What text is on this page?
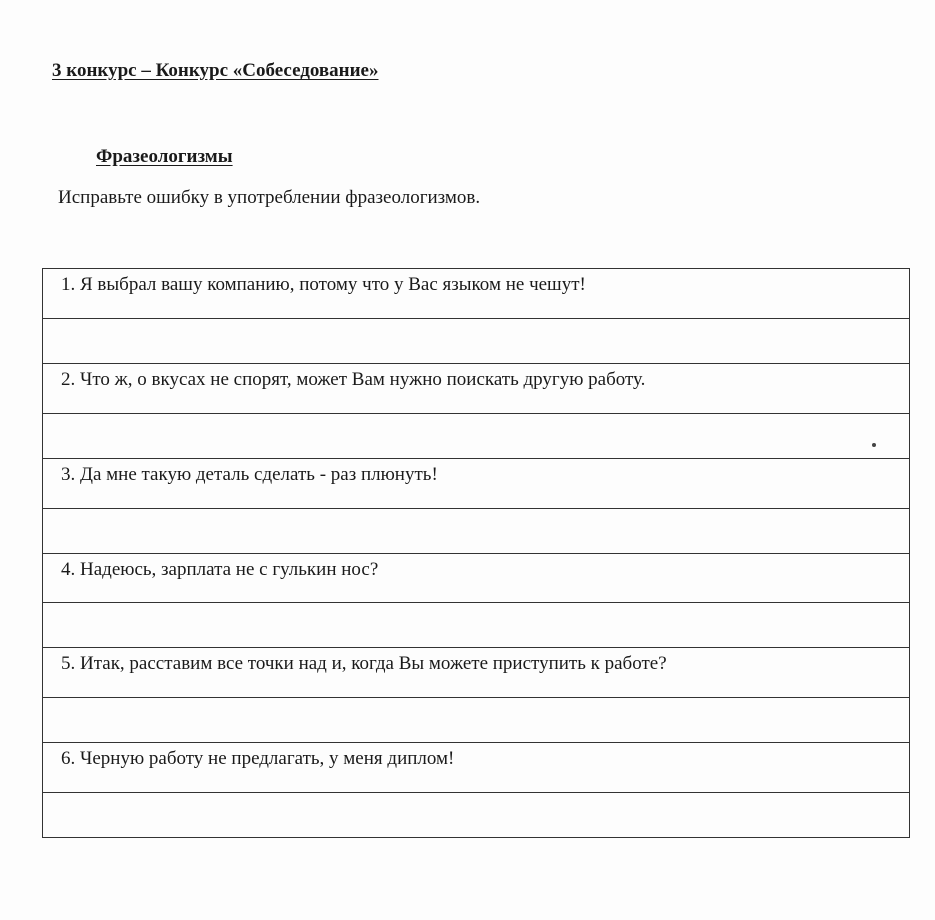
3 конкурс – Конкурс «Собеседование»
Фразеологизмы
Исправьте ошибку в употреблении фразеологизмов.
1. Я выбрал вашу компанию, потому что у Вас языком не чешут!
2. Что ж, о вкусах не спорят, может Вам нужно поискать другую работу.
3. Да мне такую деталь сделать - раз плюнуть!
4. Надеюсь, зарплата не с гулькин нос?
5. Итак, расставим все точки над и, когда Вы можете приступить к работе?
6. Черную работу не предлагать, у меня диплом!
